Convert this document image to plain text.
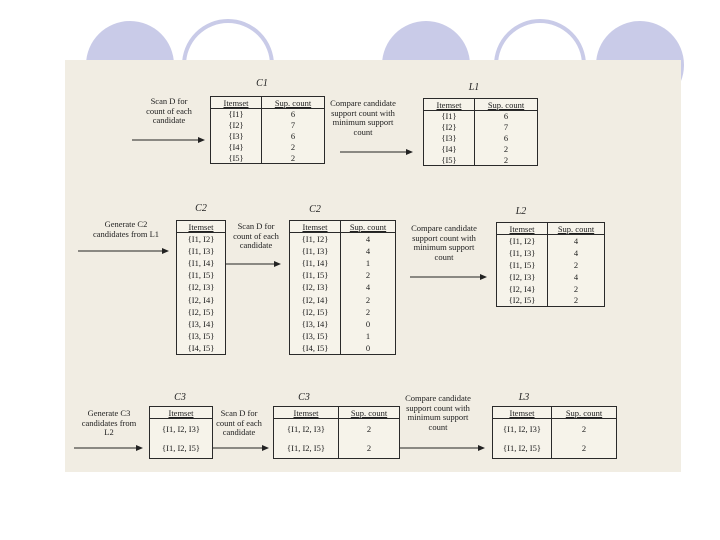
Scan D for
count of each
candidate
C1
Itemset	Sup. count
{I1}	6
{I2}	7
{I3}	6
{I4}	2
{I5}	2
Compare candidate
support count with
minimum support
count
L1
Itemset	Sup. count
{I1}	6
{I2}	7
{I3}	6
{I4}	2
{I5}	2
Generate C2
candidates from L1
C2
Itemset
{I1, I2}
{I1, I3}
{I1, I4}
{I1, I5}
{I2, I3}
{I2, I4}
{I2, I5}
{I3, I4}
{I3, I5}
{I4, I5}
Scan D for
count of each
candidate
C2
Itemset	Sup. count
{I1, I2}	4
{I1, I3}	4
{I1, I4}	1
{I1, I5}	2
{I2, I3}	4
{I2, I4}	2
{I2, I5}	2
{I3, I4}	0
{I3, I5}	1
{I4, I5}	0
Compare candidate
support count with
minimum support
count
L2
Itemset	Sup. count
{I1, I2}	4
{I1, I3}	4
{I1, I5}	2
{I2, I3}	4
{I2, I4}	2
{I2, I5}	2
Generate C3
candidates from
L2
C3
Itemset
{I1, I2, I3}
{I1, I2, I5}
Scan D for
count of each
candidate
C3
Itemset	Sup. count
{I1, I2, I3}	2
{I1, I2, I5}	2
Compare candidate
support count with
minimum support
count
L3
Itemset	Sup. count
{I1, I2, I3}	2
{I1, I2, I5}	2
